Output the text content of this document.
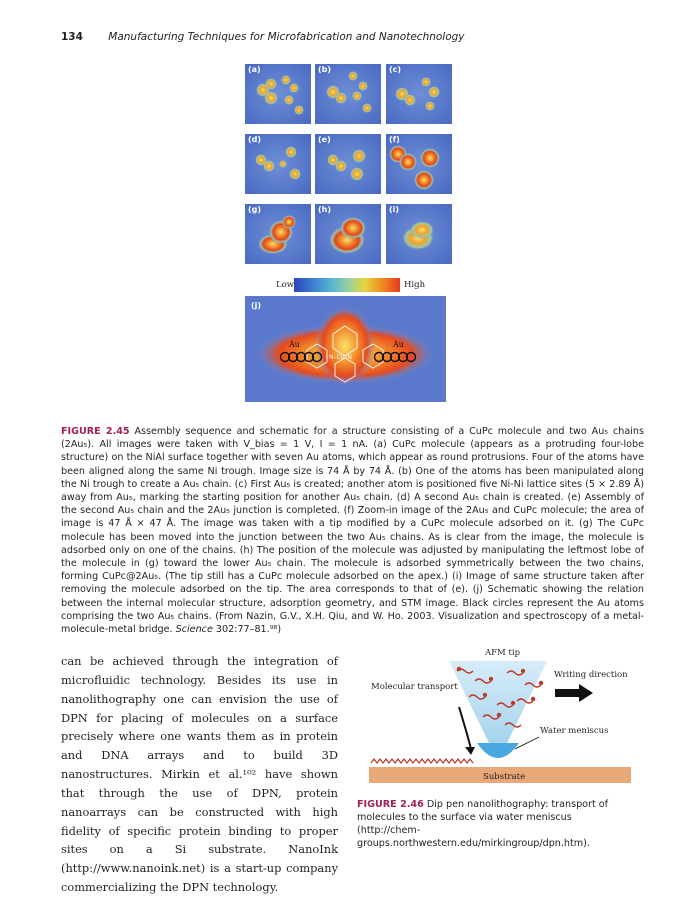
134 Manufacturing Techniques for Microfabrication and Nanotechnology
(a)	(b)	(c)
(d)	(e)	(f)
(g)	(h)	(i)
Low	High
Au	Au
N–Cu–N
(j)
FIGURE 2.45 Assembly sequence and schematic for a structure consisting of a CuPc molecule and two Au₅ chains (2Au₅). All images were taken with V_bias = 1 V, I = 1 nA. (a) CuPc molecule (appears as a protruding four-lobe structure) on the NiAl surface together with seven Au atoms, which appear as round protrusions. Four of the atoms have been aligned along the same Ni trough. Image size is 74 Å by 74 Å. (b) One of the atoms has been manipulated along the Ni trough to create a Au₅ chain. (c) First Au₅ is created; another atom is positioned five Ni-Ni lattice sites (5 × 2.89 Å) away from Au₅, marking the starting position for another Au₅ chain. (d) A second Au₅ chain is created. (e) Assembly of the second Au₅ chain and the 2Au₅ junction is completed. (f) Zoom-in image of the 2Au₅ and CuPc molecule; the area of image is 47 Å × 47 Å. The image was taken with a tip modified by a CuPc molecule adsorbed on it. (g) The CuPc molecule has been moved into the junction between the two Au₅ chains. As is clear from the image, the molecule is adsorbed only on one of the chains. (h) The position of the molecule was adjusted by manipulating the leftmost lobe of the molecule in (g) toward the lower Au₅ chain. The molecule is adsorbed symmetrically between the two chains, forming CuPc@2Au₅. (The tip still has a CuPc molecule adsorbed on the apex.) (i) Image of same structure taken after removing the molecule adsorbed on the tip. The area corresponds to that of (e). (j) Schematic showing the relation between the internal molecular structure, adsorption geometry, and STM image. Black circles represent the Au atoms comprising the two Au₅ chains. (From Nazin, G.V., X.H. Qiu, and W. Ho. 2003. Visualization and spectroscopy of a metal-molecule-metal bridge. Science 302:77–81.⁹⁸)
can be achieved through the integration of microfluidic technology. Besides its use in nanolithography one can envision the use of DPN for placing of molecules on a surface precisely where one wants them as in protein and DNA arrays and to build 3D nanostructures. Mirkin et al.¹⁰² have shown that through the use of DPN, protein nanoarrays can be constructed with high fidelity of specific protein binding to proper sites on a Si substrate. NanoInk (http://www.nanoink.net) is a start-up company commercializing the DPN technology.
AFM tip
Writing direction
Molecular transport
Water meniscus
Substrate
FIGURE 2.46 Dip pen nanolithography: transport of molecules to the surface via water meniscus (http://chem-groups.northwestern.edu/mirkingroup/dpn.htm).
